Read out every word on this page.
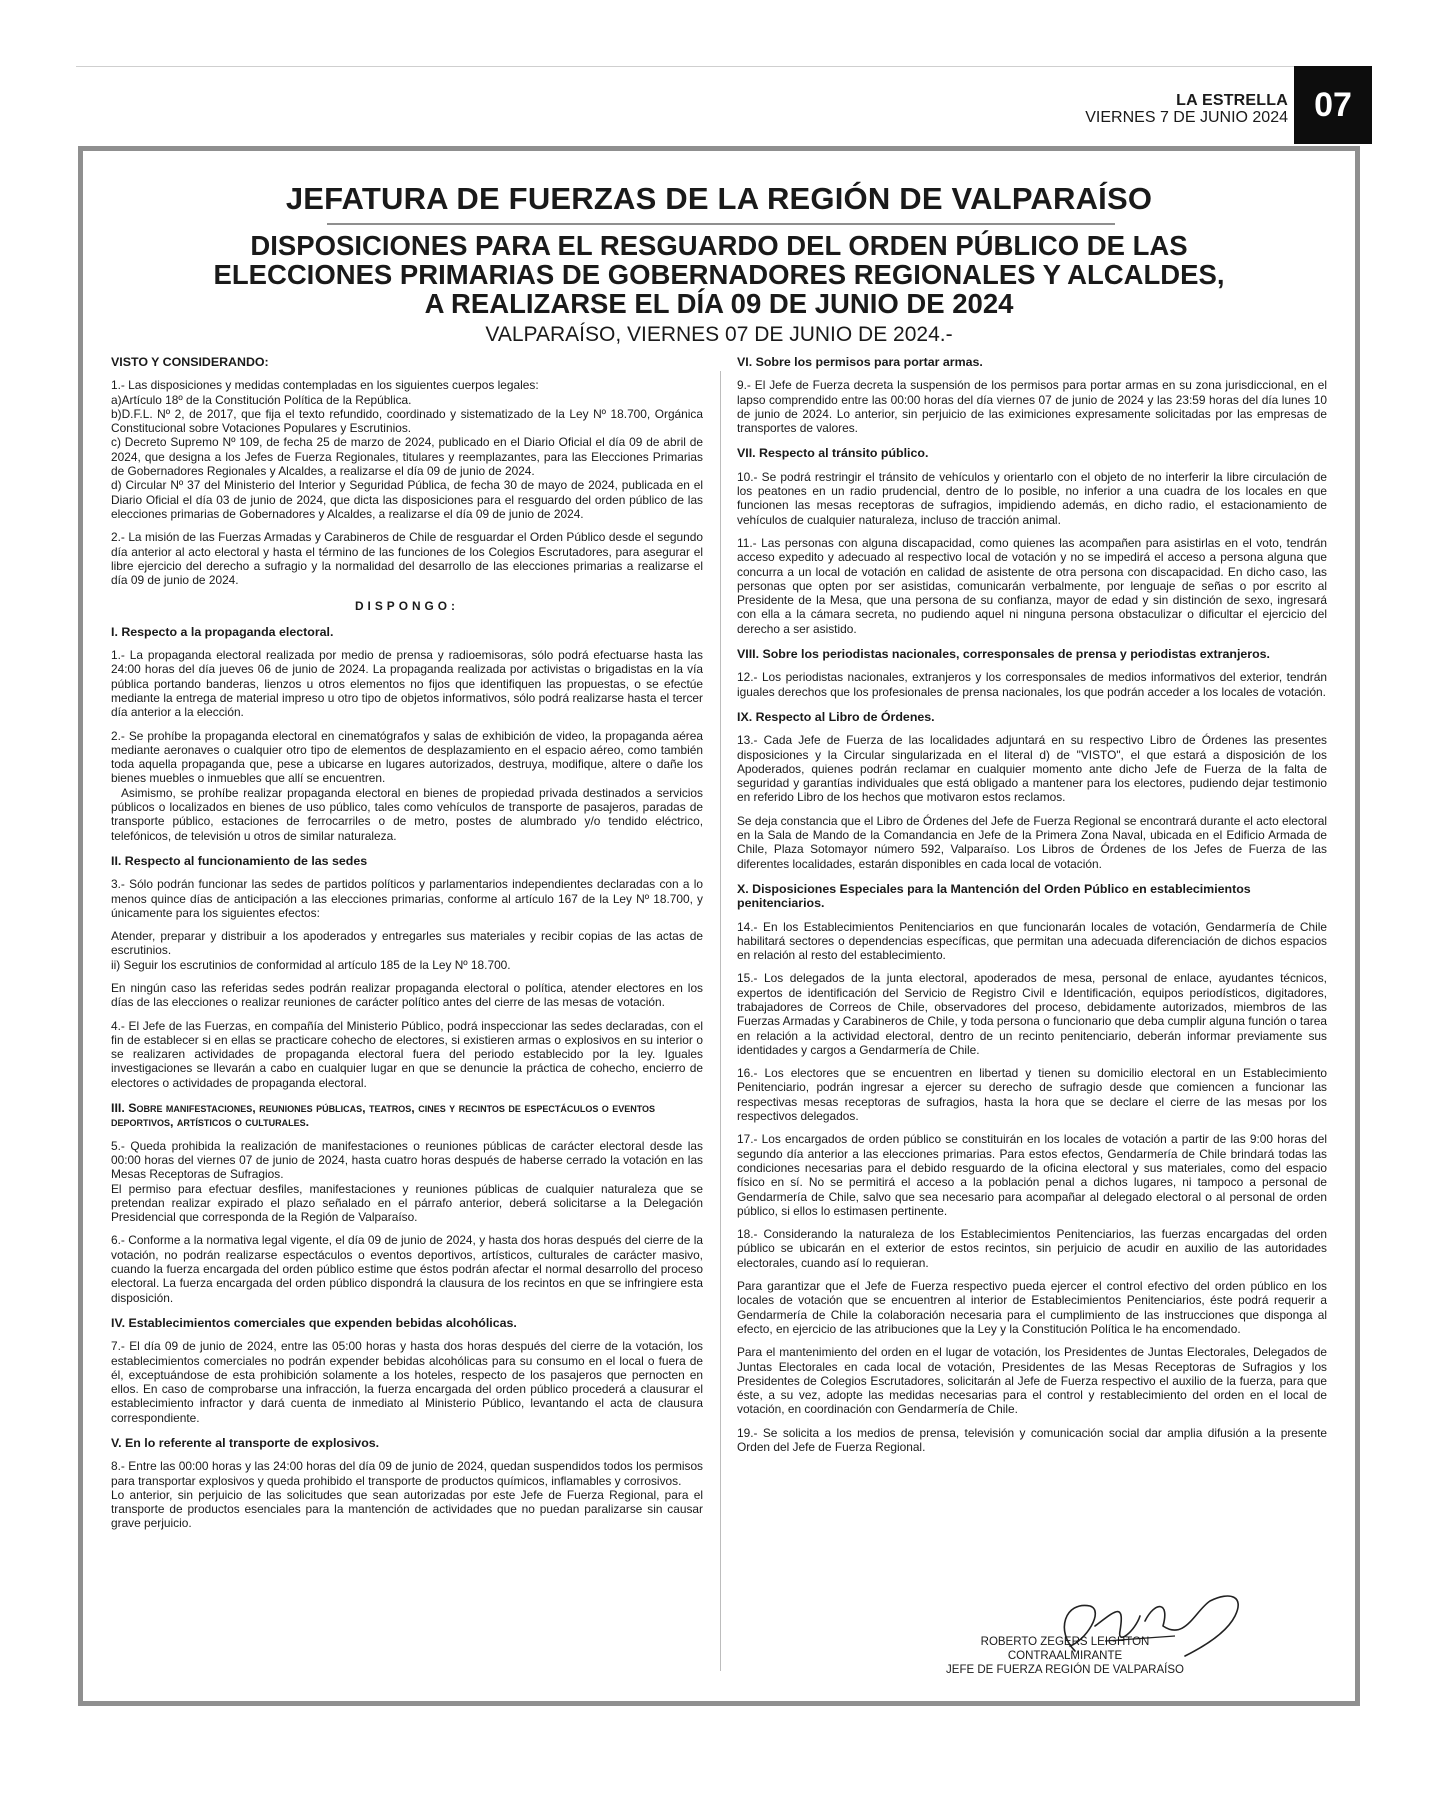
LA ESTRELLA
VIERNES 7 DE JUNIO 2024 07
JEFATURA DE FUERZAS DE LA REGIÓN DE VALPARAÍSO
DISPOSICIONES PARA EL RESGUARDO DEL ORDEN PÚBLICO DE LAS
ELECCIONES PRIMARIAS DE GOBERNADORES REGIONALES Y ALCALDES,
A REALIZARSE EL DÍA 09 DE JUNIO DE 2024
VALPARAÍSO, VIERNES 07 DE JUNIO DE 2024.-

VISTO Y CONSIDERANDO:

1.- Las disposiciones y medidas contempladas en los siguientes cuerpos legales:
a)Artículo 18º de la Constitución Política de la República.
b)D.F.L. Nº 2, de 2017, que fija el texto refundido, coordinado y sistematizado de la Ley Nº 18.700, Orgánica Constitucional sobre Votaciones Populares y Escrutinios.
c) Decreto Supremo Nº 109, de fecha 25 de marzo de 2024, publicado en el Diario Oficial el día 09 de abril de 2024, que designa a los Jefes de Fuerza Regionales, titulares y reemplazantes, para las Elecciones Primarias de Gobernadores Regionales y Alcaldes, a realizarse el día 09 de junio de 2024.
d) Circular Nº 37 del Ministerio del Interior y Seguridad Pública, de fecha 30 de mayo de 2024, publicada en el Diario Oficial el día 03 de junio de 2024, que dicta las disposiciones para el resguardo del orden público de las elecciones primarias de Gobernadores y Alcaldes, a realizarse el día 09 de junio de 2024.

2.- La misión de las Fuerzas Armadas y Carabineros de Chile de resguardar el Orden Público desde el segundo día anterior al acto electoral y hasta el término de las funciones de los Colegios Escrutadores, para asegurar el libre ejercicio del derecho a sufragio y la normalidad del desarrollo de las elecciones primarias a realizarse el día 09 de junio de 2024.

DISPONGO:

I. Respecto a la propaganda electoral.

1.- La propaganda electoral realizada por medio de prensa y radioemisoras, sólo podrá efectuarse hasta las 24:00 horas del día jueves 06 de junio de 2024. La propaganda realizada por activistas o brigadistas en la vía pública portando banderas, lienzos u otros elementos no fijos que identifiquen las propuestas, o se efectúe mediante la entrega de material impreso u otro tipo de objetos informativos, sólo podrá realizarse hasta el tercer día anterior a la elección.

2.- Se prohíbe la propaganda electoral en cinematógrafos y salas de exhibición de video, la propaganda aérea mediante aeronaves o cualquier otro tipo de elementos de desplazamiento en el espacio aéreo, como también toda aquella propaganda que, pese a ubicarse en lugares autorizados, destruya, modifique, altere o dañe los bienes muebles o inmuebles que allí se encuentren.

Asimismo, se prohíbe realizar propaganda electoral en bienes de propiedad privada destinados a servicios públicos o localizados en bienes de uso público, tales como vehículos de transporte de pasajeros, paradas de transporte público, estaciones de ferrocarriles o de metro, postes de alumbrado y/o tendido eléctrico, telefónicos, de televisión u otros de similar naturaleza.

II. Respecto al funcionamiento de las sedes

3.- Sólo podrán funcionar las sedes de partidos políticos y parlamentarios independientes declaradas con a lo menos quince días de anticipación a las elecciones primarias, conforme al artículo 167 de la Ley Nº 18.700, y únicamente para los siguientes efectos:

Atender, preparar y distribuir a los apoderados y entregarles sus materiales y recibir copias de las actas de escrutinios.
ii) Seguir los escrutinios de conformidad al artículo 185 de la Ley Nº 18.700.

En ningún caso las referidas sedes podrán realizar propaganda electoral o política, atender electores en los días de las elecciones o realizar reuniones de carácter político antes del cierre de las mesas de votación.

4.- El Jefe de las Fuerzas, en compañía del Ministerio Público, podrá inspeccionar las sedes declaradas, con el fin de establecer si en ellas se practicare cohecho de electores, si existieren armas o explosivos en su interior o se realizaren actividades de propaganda electoral fuera del periodo establecido por la ley. Iguales investigaciones se llevarán a cabo en cualquier lugar en que se denuncie la práctica de cohecho, encierro de electores o actividades de propaganda electoral.

III. Sobre manifestaciones, reuniones públicas, teatros, cines y recintos de espectáculos o eventos deportivos, artísticos o culturales.

5.- Queda prohibida la realización de manifestaciones o reuniones públicas de carácter electoral desde las 00:00 horas del viernes 07 de junio de 2024, hasta cuatro horas después de haberse cerrado la votación en las Mesas Receptoras de Sufragios.

El permiso para efectuar desfiles, manifestaciones y reuniones públicas de cualquier naturaleza que se pretendan realizar expirado el plazo señalado en el párrafo anterior, deberá solicitarse a la Delegación Presidencial que corresponda de la Región de Valparaíso.

6.- Conforme a la normativa legal vigente, el día 09 de junio de 2024, y hasta dos horas después del cierre de la votación, no podrán realizarse espectáculos o eventos deportivos, artísticos, culturales de carácter masivo, cuando la fuerza encargada del orden público estime que éstos podrán afectar el normal desarrollo del proceso electoral. La fuerza encargada del orden público dispondrá la clausura de los recintos en que se infringiere esta disposición.

IV. Establecimientos comerciales que expenden bebidas alcohólicas.

7.- El día 09 de junio de 2024, entre las 05:00 horas y hasta dos horas después del cierre de la votación, los establecimientos comerciales no podrán expender bebidas alcohólicas para su consumo en el local o fuera de él, exceptuándose de esta prohibición solamente a los hoteles, respecto de los pasajeros que pernocten en ellos. En caso de comprobarse una infracción, la fuerza encargada del orden público procederá a clausurar el establecimiento infractor y dará cuenta de inmediato al Ministerio Público, levantando el acta de clausura correspondiente.

V. En lo referente al transporte de explosivos.

8.- Entre las 00:00 horas y las 24:00 horas del día 09 de junio de 2024, quedan suspendidos todos los permisos para transportar explosivos y queda prohibido el transporte de productos químicos, inflamables y corrosivos.

Lo anterior, sin perjuicio de las solicitudes que sean autorizadas por este Jefe de Fuerza Regional, para el transporte de productos esenciales para la mantención de actividades que no puedan paralizarse sin causar grave perjuicio.

VI. Sobre los permisos para portar armas.

9.- El Jefe de Fuerza decreta la suspensión de los permisos para portar armas en su zona jurisdiccional, en el lapso comprendido entre las 00:00 horas del día viernes 07 de junio de 2024 y las 23:59 horas del día lunes 10 de junio de 2024. Lo anterior, sin perjuicio de las eximiciones expresamente solicitadas por las empresas de transportes de valores.

VII. Respecto al tránsito público.

10.- Se podrá restringir el tránsito de vehículos y orientarlo con el objeto de no interferir la libre circulación de los peatones en un radio prudencial, dentro de lo posible, no inferior a una cuadra de los locales en que funcionen las mesas receptoras de sufragios, impidiendo además, en dicho radio, el estacionamiento de vehículos de cualquier naturaleza, incluso de tracción animal.

11.- Las personas con alguna discapacidad, como quienes las acompañen para asistirlas en el voto, tendrán acceso expedito y adecuado al respectivo local de votación y no se impedirá el acceso a persona alguna que concurra a un local de votación en calidad de asistente de otra persona con discapacidad. En dicho caso, las personas que opten por ser asistidas, comunicarán verbalmente, por lenguaje de señas o por escrito al Presidente de la Mesa, que una persona de su confianza, mayor de edad y sin distinción de sexo, ingresará con ella a la cámara secreta, no pudiendo aquel ni ninguna persona obstaculizar o dificultar el ejercicio del derecho a ser asistido.

VIII. Sobre los periodistas nacionales, corresponsales de prensa y periodistas extranjeros.

12.- Los periodistas nacionales, extranjeros y los corresponsales de medios informativos del exterior, tendrán iguales derechos que los profesionales de prensa nacionales, los que podrán acceder a los locales de votación.

IX. Respecto al Libro de Órdenes.

13.- Cada Jefe de Fuerza de las localidades adjuntará en su respectivo Libro de Órdenes las presentes disposiciones y la Circular singularizada en el literal d) de "VISTO", el que estará a disposición de los Apoderados, quienes podrán reclamar en cualquier momento ante dicho Jefe de Fuerza de la falta de seguridad y garantías individuales que está obligado a mantener para los electores, pudiendo dejar testimonio en referido Libro de los hechos que motivaron estos reclamos.

Se deja constancia que el Libro de Órdenes del Jefe de Fuerza Regional se encontrará durante el acto electoral en la Sala de Mando de la Comandancia en Jefe de la Primera Zona Naval, ubicada en el Edificio Armada de Chile, Plaza Sotomayor número 592, Valparaíso. Los Libros de Órdenes de los Jefes de Fuerza de las diferentes localidades, estarán disponibles en cada local de votación.

X. Disposiciones Especiales para la Mantención del Orden Público en establecimientos penitenciarios.

14.- En los Establecimientos Penitenciarios en que funcionarán locales de votación, Gendarmería de Chile habilitará sectores o dependencias específicas, que permitan una adecuada diferenciación de dichos espacios en relación al resto del establecimiento.

15.- Los delegados de la junta electoral, apoderados de mesa, personal de enlace, ayudantes técnicos, expertos de identificación del Servicio de Registro Civil e Identificación, equipos periodísticos, digitadores, trabajadores de Correos de Chile, observadores del proceso, debidamente autorizados, miembros de las Fuerzas Armadas y Carabineros de Chile, y toda persona o funcionario que deba cumplir alguna función o tarea en relación a la actividad electoral, dentro de un recinto penitenciario, deberán informar previamente sus identidades y cargos a Gendarmería de Chile.

16.- Los electores que se encuentren en libertad y tienen su domicilio electoral en un Establecimiento Penitenciario, podrán ingresar a ejercer su derecho de sufragio desde que comiencen a funcionar las respectivas mesas receptoras de sufragios, hasta la hora que se declare el cierre de las mesas por los respectivos delegados.

17.- Los encargados de orden público se constituirán en los locales de votación a partir de las 9:00 horas del segundo día anterior a las elecciones primarias. Para estos efectos, Gendarmería de Chile brindará todas las condiciones necesarias para el debido resguardo de la oficina electoral y sus materiales, como del espacio físico en sí. No se permitirá el acceso a la población penal a dichos lugares, ni tampoco a personal de Gendarmería de Chile, salvo que sea necesario para acompañar al delegado electoral o al personal de orden público, si ellos lo estimasen pertinente.

18.- Considerando la naturaleza de los Establecimientos Penitenciarios, las fuerzas encargadas del orden público se ubicarán en el exterior de estos recintos, sin perjuicio de acudir en auxilio de las autoridades electorales, cuando así lo requieran.

Para garantizar que el Jefe de Fuerza respectivo pueda ejercer el control efectivo del orden público en los locales de votación que se encuentren al interior de Establecimientos Penitenciarios, éste podrá requerir a Gendarmería de Chile la colaboración necesaria para el cumplimiento de las instrucciones que disponga al efecto, en ejercicio de las atribuciones que la Ley y la Constitución Política le ha encomendado.

Para el mantenimiento del orden en el lugar de votación, los Presidentes de Juntas Electorales, Delegados de Juntas Electorales en cada local de votación, Presidentes de las Mesas Receptoras de Sufragios y los Presidentes de Colegios Escrutadores, solicitarán al Jefe de Fuerza respectivo el auxilio de la fuerza, para que éste, a su vez, adopte las medidas necesarias para el control y restablecimiento del orden en el local de votación, en coordinación con Gendarmería de Chile.

19.- Se solicita a los medios de prensa, televisión y comunicación social dar amplia difusión a la presente Orden del Jefe de Fuerza Regional.

ROBERTO ZEGERS LEIGHTON
CONTRAALMIRANTE
JEFE DE FUERZA REGIÓN DE VALPARAÍSO
